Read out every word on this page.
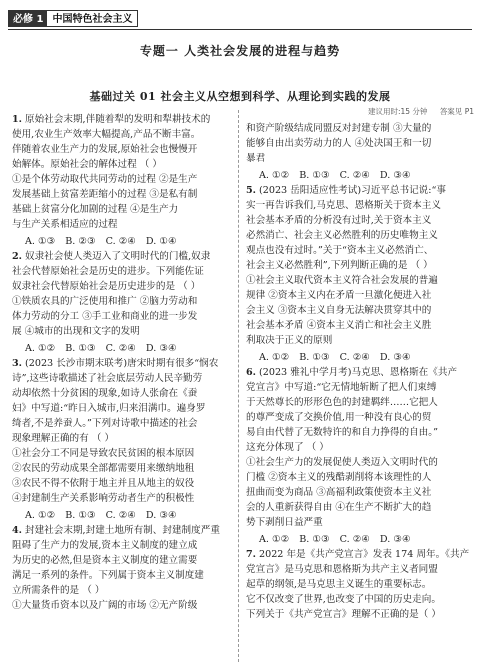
必修 1 中国特色社会主义
专题一 人类社会发展的进程与趋势
基础过关 01 社会主义从空想到科学、从理论到实践的发展
1. 原始社会末期,伴随着犁的发明和犁耕技术的
使用,农业生产效率大幅提高,产品不断丰富。
伴随着农业生产力的发展,原始社会也慢慢开
始解体。原始社会的解体过程 （ ）
①是个体劳动取代共同劳动的过程 ②是生产
发展基础上贫富差距缩小的过程 ③是私有制
基础上贫富分化加剧的过程 ④是生产力
与生产关系相适应的过程
A. ①③ B. ②③ C. ②④ D. ①④
2. 奴隶社会使人类迈入了文明时代的门槛,奴隶
社会代替原始社会是历史的进步。下列能佐证
奴隶社会代替原始社会是历史进步的是 （ ）
①铁质农具的广泛使用和推广 ②脑力劳动和
体力劳动的分工 ③手工业和商业的进一步发
展 ④城市的出现和文字的发明
A. ①② B. ①③ C. ②④ D. ③④
3. (2023 长沙市期末联考)唐宋时期有很多“悯农
诗”,这些诗歌描述了社会底层劳动人民辛勤劳
动却依然十分贫困的现象,如诗人张俞在《蚕
妇》中写道:“昨日入城市,归来泪满巾。遍身罗
绮者,不是养蚕人。”下列对诗歌中描述的社会
现象理解正确的有 （ ）
①社会分工不同是导致农民贫困的根本原因
②农民的劳动成果全部都需要用来缴纳地租
③农民不得不依附于地主并且从地主的奴役
④封建制生产关系影响劳动者生产的积极性
A. ①② B. ①③ C. ②④ D. ③④
4. 封建社会末期,封建土地所有制、封建制度严重
阻碍了生产力的发展,资本主义制度的建立成
为历史的必然,但是资本主义制度的建立需要
满足一系列的条件。下列属于资本主义制度建
立所需条件的是 （ ）
①大量货币资本以及广阔的市场 ②无产阶级
建议用时:15 分钟 答案见 P1
和资产阶级结成同盟反对封建专制 ③大量的
能够自由出卖劳动力的人 ④处决国王和一切
暴君
A. ①② B. ①③ C. ②④ D. ③④
5. (2023 岳阳适应性考试)习近平总书记说:“事
实一再告诉我们,马克思、恩格斯关于资本主义
社会基本矛盾的分析没有过时,关于资本主义
必然消亡、社会主义必然胜利的历史唯物主义
观点也没有过时。”关于“资本主义必然消亡、
社会主义必然胜利”,下列判断正确的是 （ ）
①社会主义取代资本主义符合社会发展的普遍
规律 ②资本主义内在矛盾一旦激化便进入社
会主义 ③资本主义自身无法解决贯穿其中的
社会基本矛盾 ④资本主义消亡和社会主义胜
利取决于正义的原则
A. ①② B. ①③ C. ②④ D. ③④
6. (2023 雅礼中学月考)马克思、恩格斯在《共产
党宣言》中写道:“它无情地斩断了把人们束缚
于天然尊长的形形色色的封建羁绊……它把人
的尊严变成了交换价值,用一种没有良心的贸
易自由代替了无数特许的和自力挣得的自由。”
这充分体现了 （ ）
①社会生产力的发展促使人类迈入文明时代的
门槛 ②资本主义的残酷剥削将本该理性的人
扭曲而变为商品 ③高福利政策使资本主义社
会的人重新获得自由 ④在生产不断扩大的趋
势下剥削日益严重
A. ①② B. ①③ C. ②④ D. ③④
7. 2022 年是《共产党宣言》发表 174 周年。《共产
党宣言》是马克思和恩格斯为共产主义者同盟
起草的纲领,是马克思主义诞生的重要标志。
它不仅改变了世界,也改变了中国的历史走向。
下列关于《共产党宣言》理解不正确的是（ ）
